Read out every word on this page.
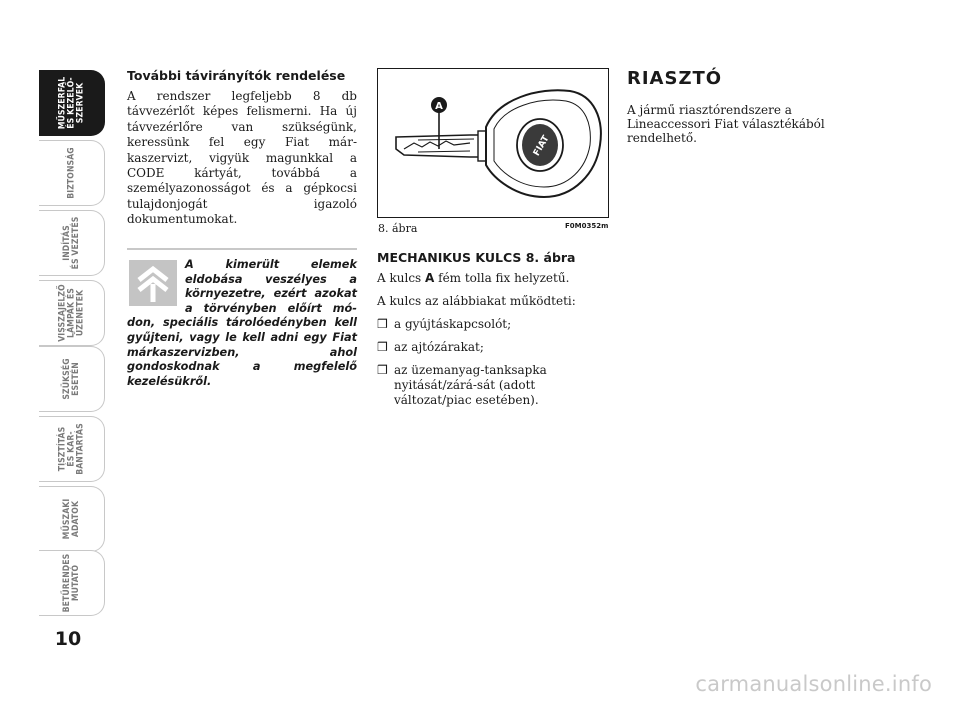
MŰSZERFAL
ÉS KEZELŐ-
SZERVEK
BIZTONSÁG
INDÍTÁS
ÉS VEZETÉS
VISSZAJELZŐ
LÁMPÁK ÉS
ÜZENETEK
SZÜKSÉG
ESETÉN
TISZTÍTÁS
ÉS KAR-
BANTARTÁS
MŰSZAKI
ADATOK
BETŰRENDES
MUTATÓ
10
További távirányítók rendelése

A rendszer legfeljebb 8 db távvezérlőt képes felismerni. Ha új távvezérlőre van szükségünk, keressünk fel egy Fiat már-kaszervizt, vigyük magunkkal a CODE kártyát, továbbá a személyazonosságot és a gépkocsi tulajdonjogát igazoló dokumentumokat.

A kimerült elemek eldobása veszélyes a környezetre, ezért azokat a törvényben előírt mó-don, speciális tárolóedényben kell gyűjteni, vagy le kell adni egy Fiat márkaszervizben, ahol gondoskodnak a megfelelő kezelésükről.

FIAT
A
8. ábra	F0M0352m
MECHANIKUS KULCS 8. ábra

A kulcs A fém tolla fix helyzetű.

A kulcs az alábbiakat működteti:

❒ a gyújtáskapcsolót;
❒ az ajtózárakat;
❒ az üzemanyag-tanksapka nyitását/zárá-sát (adott változat/piac esetében).
RIASZTÓ

A jármű riasztórendszere a Lineaccessori Fiat választékából rendelhető.

carmanualsonline.info
